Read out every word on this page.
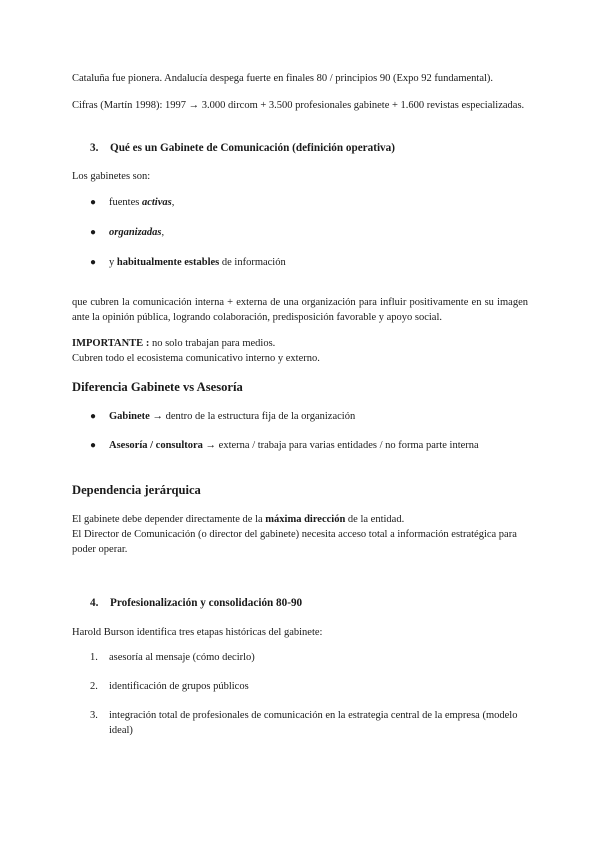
Cataluña fue pionera. Andalucía despega fuerte en finales 80 / principios 90 (Expo 92 fundamental).

Cifras (Martín 1998): 1997 → 3.000 dircom + 3.500 profesionales gabinete + 1.600 revistas especializadas.

3. Qué es un Gabinete de Comunicación (definición operativa)

Los gabinetes son:

●	fuentes activas,
●	organizadas,
●	y habitualmente estables de información

que cubren la comunicación interna + externa de una organización para influir positivamente en su imagen ante la opinión pública, logrando colaboración, predisposición favorable y apoyo social.

IMPORTANTE : no solo trabajan para medios.
Cubren todo el ecosistema comunicativo interno y externo.

Diferencia Gabinete vs Asesoría

●	Gabinete → dentro de la estructura fija de la organización
●	Asesoría / consultora → externa / trabaja para varias entidades / no forma parte interna

Dependencia jerárquica

El gabinete debe depender directamente de la máxima dirección de la entidad.
El Director de Comunicación (o director del gabinete) necesita acceso total a información estratégica para poder operar.

4. Profesionalización y consolidación 80-90

Harold Burson identifica tres etapas históricas del gabinete:

1.	asesoría al mensaje (cómo decirlo)
2.	identificación de grupos públicos
3.	integración total de profesionales de comunicación en la estrategia central de la empresa (modelo ideal)
